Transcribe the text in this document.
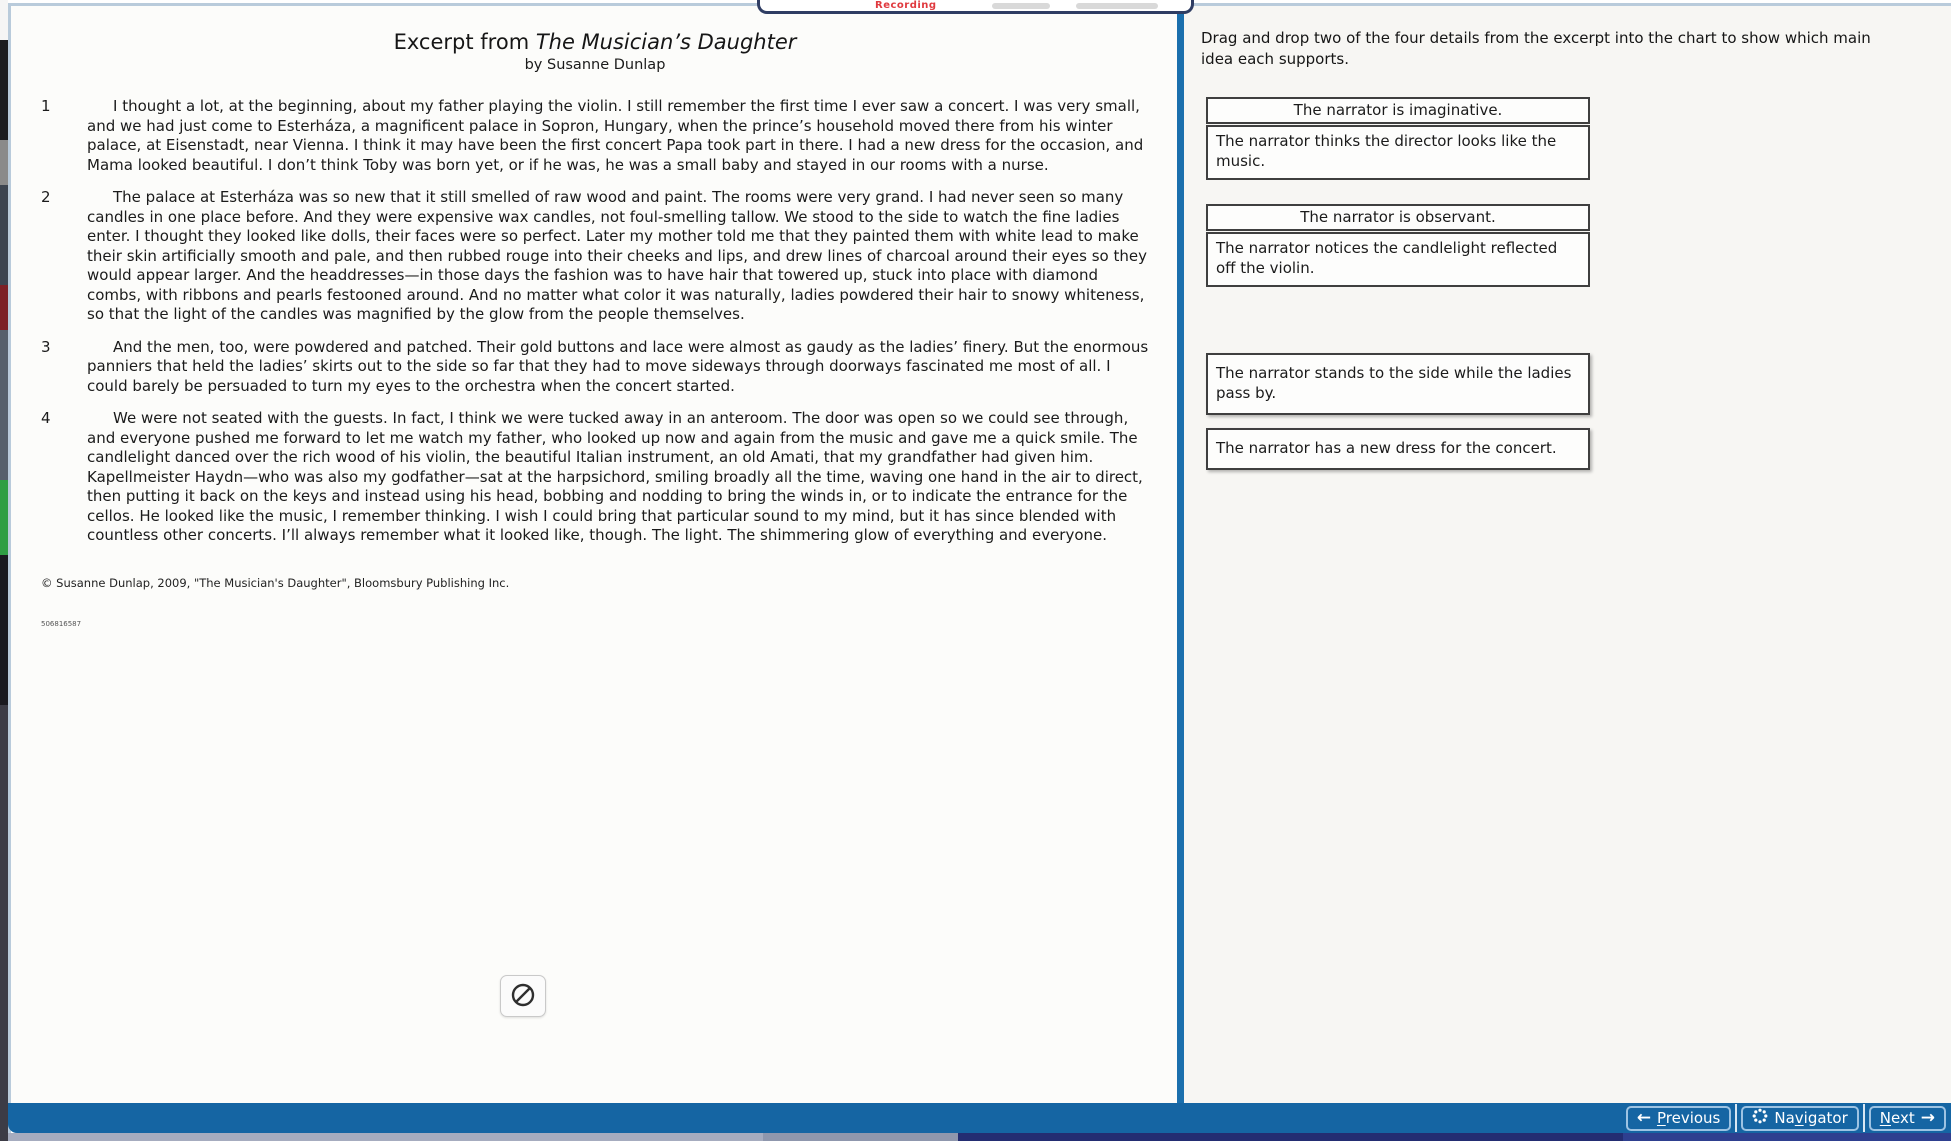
Excerpt from The Musician’s Daughter
by Susanne Dunlap
1	I thought a lot, at the beginning, about my father playing the violin. I still remember the first time I ever saw a concert. I was very small, and we had just come to Esterháza, a magnificent palace in Sopron, Hungary, when the prince’s household moved there from his winter palace, at Eisenstadt, near Vienna. I think it may have been the first concert Papa took part in there. I had a new dress for the occasion, and Mama looked beautiful. I don’t think Toby was born yet, or if he was, he was a small baby and stayed in our rooms with a nurse.
2	The palace at Esterháza was so new that it still smelled of raw wood and paint. The rooms were very grand. I had never seen so many candles in one place before. And they were expensive wax candles, not foul-smelling tallow. We stood to the side to watch the fine ladies enter. I thought they looked like dolls, their faces were so perfect. Later my mother told me that they painted them with white lead to make their skin artificially smooth and pale, and then rubbed rouge into their cheeks and lips, and drew lines of charcoal around their eyes so they would appear larger. And the headdresses—in those days the fashion was to have hair that towered up, stuck into place with diamond combs, with ribbons and pearls festooned around. And no matter what color it was naturally, ladies powdered their hair to snowy whiteness, so that the light of the candles was magnified by the glow from the people themselves.
3	And the men, too, were powdered and patched. Their gold buttons and lace were almost as gaudy as the ladies’ finery. But the enormous panniers that held the ladies’ skirts out to the side so far that they had to move sideways through doorways fascinated me most of all. I could barely be persuaded to turn my eyes to the orchestra when the concert started.
4	We were not seated with the guests. In fact, I think we were tucked away in an anteroom. The door was open so we could see through, and everyone pushed me forward to let me watch my father, who looked up now and again from the music and gave me a quick smile. The candlelight danced over the rich wood of his violin, the beautiful Italian instrument, an old Amati, that my grandfather had given him. Kapellmeister Haydn—who was also my godfather—sat at the harpsichord, smiling broadly all the time, waving one hand in the air to direct, then putting it back on the keys and instead using his head, bobbing and nodding to bring the winds in, or to indicate the entrance for the cellos. He looked like the music, I remember thinking. I wish I could bring that particular sound to my mind, but it has since blended with countless other concerts. I’ll always remember what it looked like, though. The light. The shimmering glow of everything and everyone.
© Susanne Dunlap, 2009, "The Musician's Daughter", Bloomsbury Publishing Inc.
506816587
Drag and drop two of the four details from the excerpt into the chart to show which main idea each supports.
The narrator is imaginative.
The narrator thinks the director looks like the music.
The narrator is observant.
The narrator notices the candlelight reflected off the violin.
The narrator stands to the side while the ladies pass by.
The narrator has a new dress for the concert.
Recording
← Previous	Navigator Next →
